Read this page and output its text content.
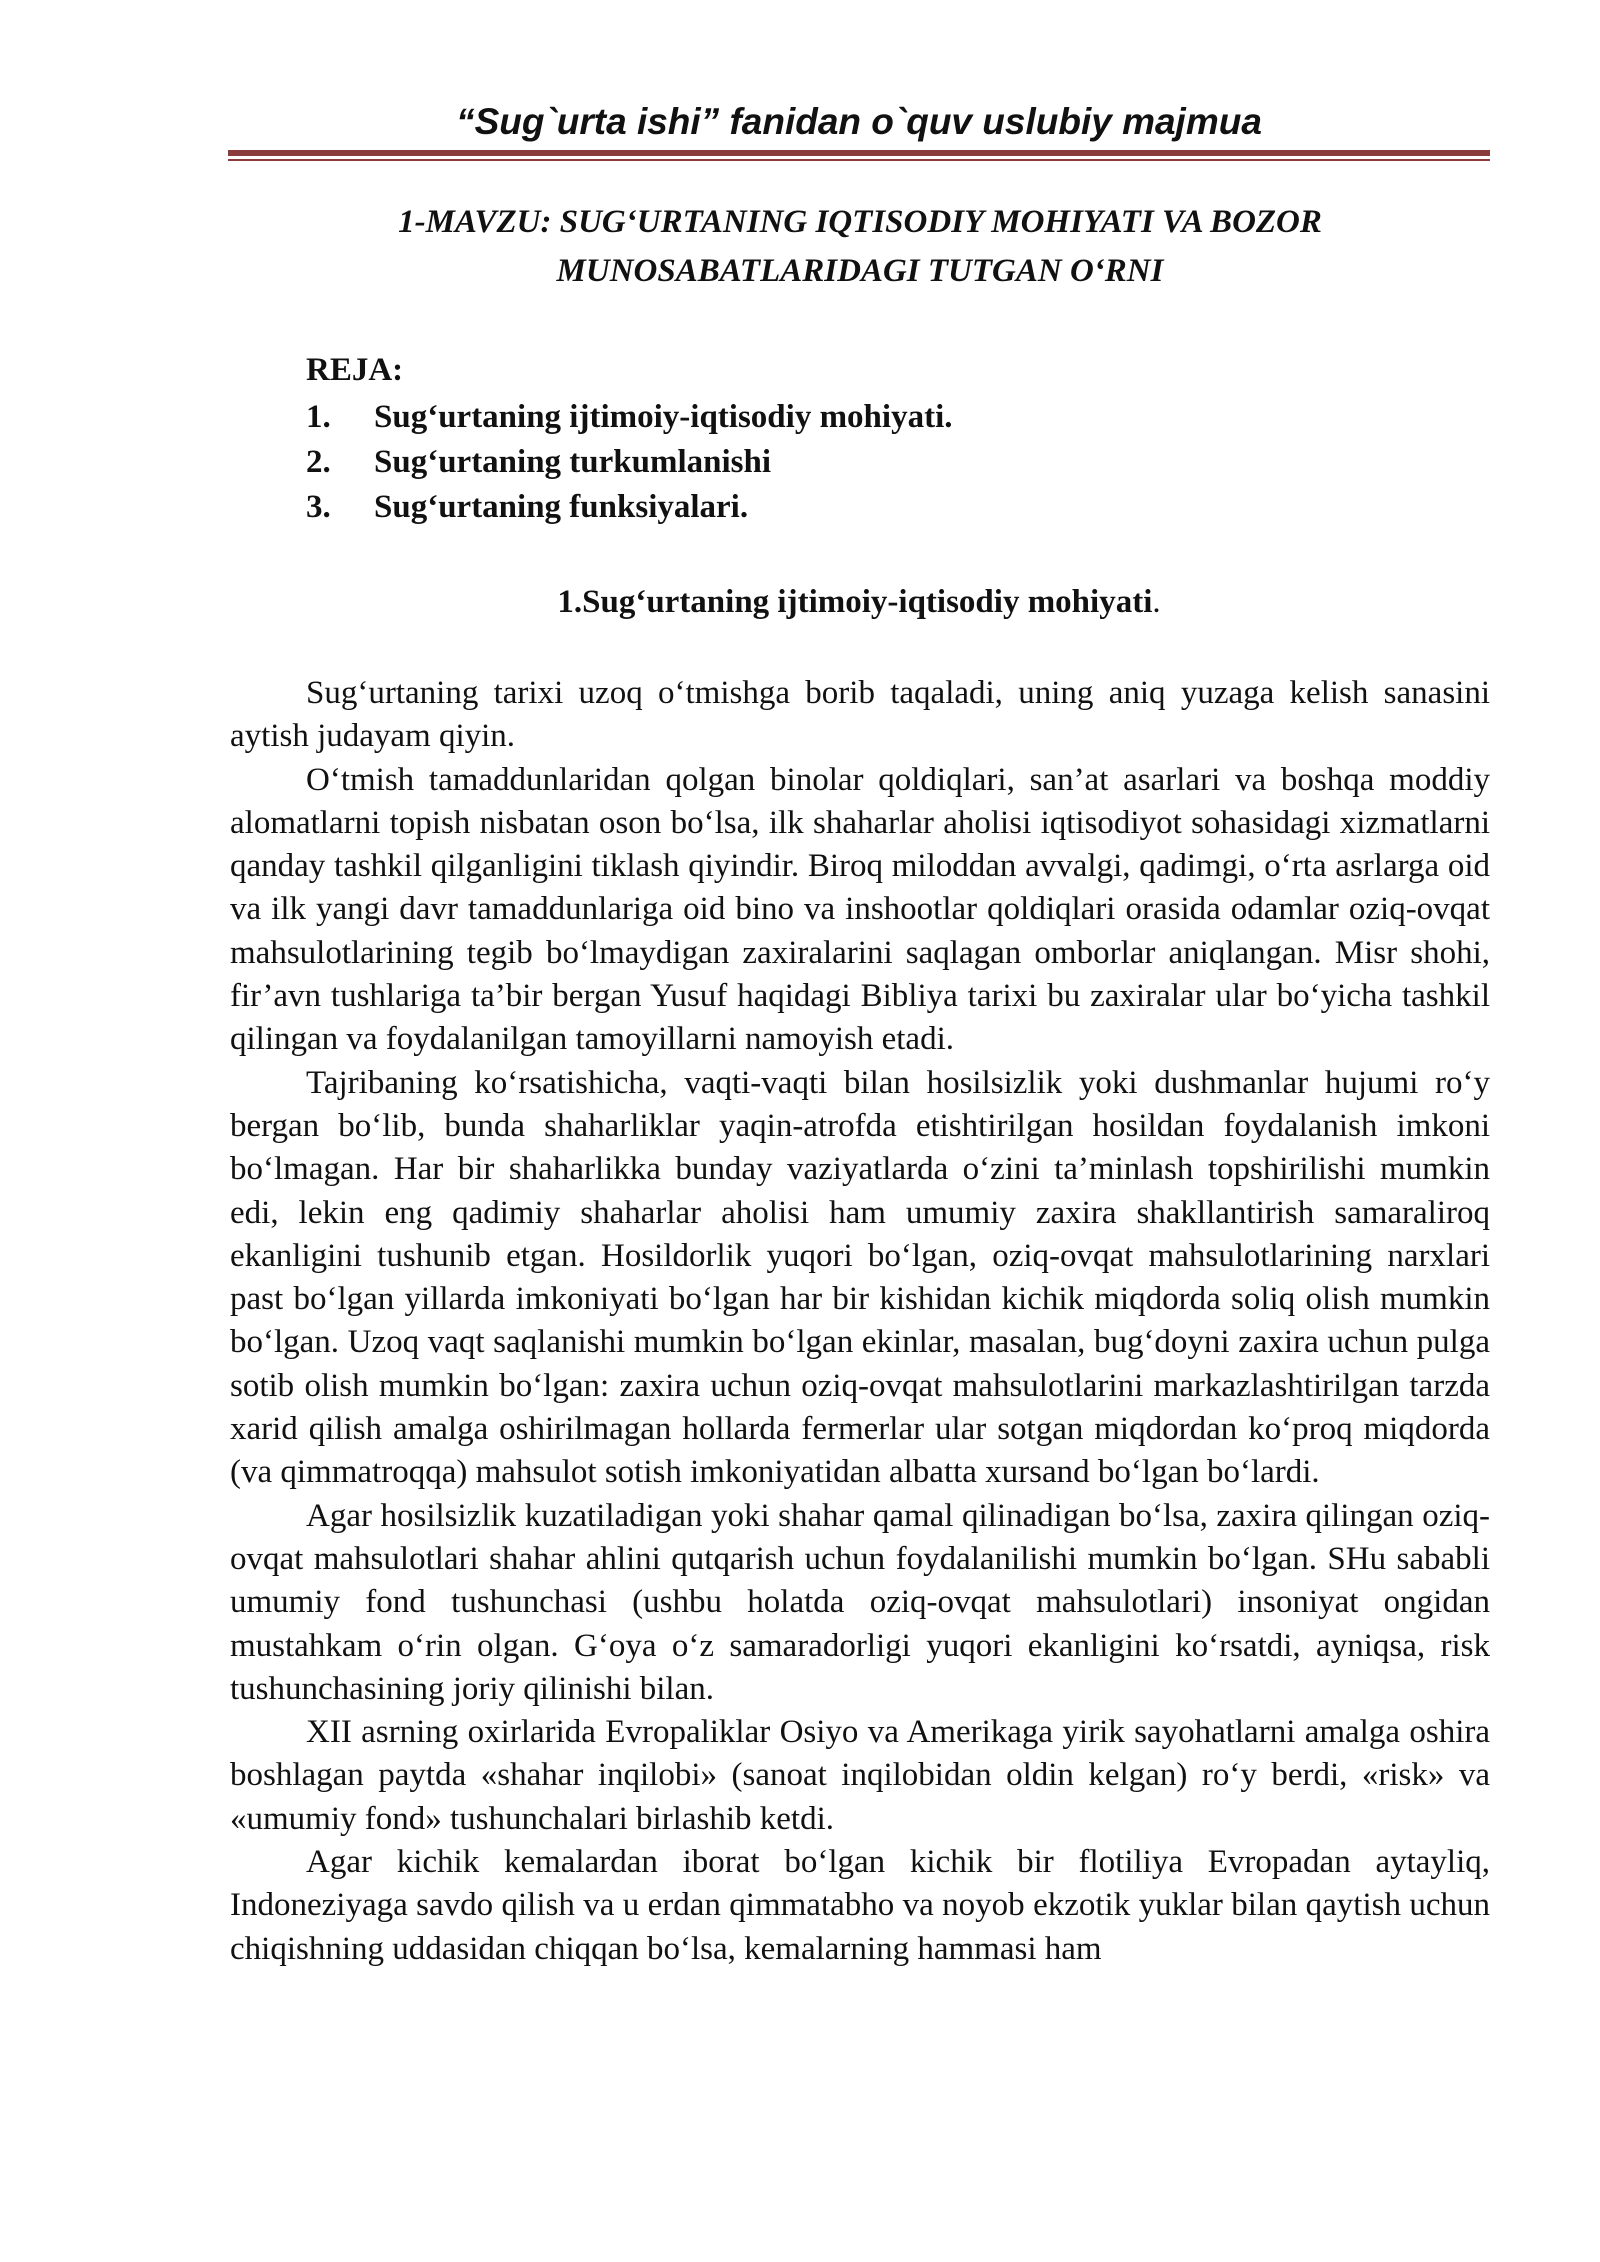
“Sug`urta ishi” fanidan o`quv uslubiy majmua
1-MAVZU: SUG‘URTANING IQTISODIY MOHIYATI VA BOZOR
MUNOSABATLARIDAGI TUTGAN O‘RNI
REJA:
1.	Sug‘urtaning ijtimoiy-iqtisodiy mohiyati.
2.	Sug‘urtaning turkumlanishi
3.	Sug‘urtaning funksiyalari.
1.Sug‘urtaning ijtimoiy-iqtisodiy mohiyati.

Sug‘urtaning tarixi uzoq o‘tmishga borib taqaladi, uning aniq yuzaga kelish sanasini aytish judayam qiyin.

O‘tmish tamaddunlaridan qolgan binolar qoldiqlari, san’at asarlari va boshqa moddiy alomatlarni topish nisbatan oson bo‘lsa, ilk shaharlar aholisi iqtisodiyot sohasidagi xizmatlarni qanday tashkil qilganligini tiklash qiyindir. Biroq miloddan avvalgi, qadimgi, o‘rta asrlarga oid va ilk yangi davr tamaddunlariga oid bino va inshootlar qoldiqlari orasida odamlar oziq-ovqat mahsulotlarining tegib bo‘lmaydigan zaxiralarini saqlagan omborlar aniqlangan. Misr shohi, fir’avn tushlariga ta’bir bergan Yusuf haqidagi Bibliya tarixi bu zaxiralar ular bo‘yicha tashkil qilingan va foydalanilgan tamoyillarni namoyish etadi.

Tajribaning ko‘rsatishicha, vaqti-vaqti bilan hosilsizlik yoki dushmanlar hujumi ro‘y bergan bo‘lib, bunda shaharliklar yaqin-atrofda etishtirilgan hosildan foydalanish imkoni bo‘lmagan. Har bir shaharlikka bunday vaziyatlarda o‘zini ta’minlash topshirilishi mumkin edi, lekin eng qadimiy shaharlar aholisi ham umumiy zaxira shakllantirish samaraliroq ekanligini tushunib etgan. Hosildorlik yuqori bo‘lgan, oziq-ovqat mahsulotlarining narxlari past bo‘lgan yillarda imkoniyati bo‘lgan har bir kishidan kichik miqdorda soliq olish mumkin bo‘lgan. Uzoq vaqt saqlanishi mumkin bo‘lgan ekinlar, masalan, bug‘doyni zaxira uchun pulga sotib olish mumkin bo‘lgan: zaxira uchun oziq-ovqat mahsulotlarini markazlashtirilgan tarzda xarid qilish amalga oshirilmagan hollarda fermerlar ular sotgan miqdordan ko‘proq miqdorda (va qimmatroqqa) mahsulot sotish imkoniyatidan albatta xursand bo‘lgan bo‘lardi.

Agar hosilsizlik kuzatiladigan yoki shahar qamal qilinadigan bo‘lsa, zaxira qilingan oziq-ovqat mahsulotlari shahar ahlini qutqarish uchun foydalanilishi mumkin bo‘lgan. SHu sababli umumiy fond tushunchasi (ushbu holatda oziq-ovqat mahsulotlari) insoniyat ongidan mustahkam o‘rin olgan. G‘oya o‘z samaradorligi yuqori ekanligini ko‘rsatdi, ayniqsa, risk tushunchasining joriy qilinishi bilan.

XII asrning oxirlarida Evropaliklar Osiyo va Amerikaga yirik sayohatlarni amalga oshira boshlagan paytda «shahar inqilobi» (sanoat inqilobidan oldin kelgan) ro‘y berdi, «risk» va «umumiy fond» tushunchalari birlashib ketdi.

Agar kichik kemalardan iborat bo‘lgan kichik bir flotiliya Evropadan aytayliq, Indoneziyaga savdo qilish va u erdan qimmatabho va noyob ekzotik yuklar bilan qaytish uchun chiqishning uddasidan chiqqan bo‘lsa, kemalarning hammasi ham
